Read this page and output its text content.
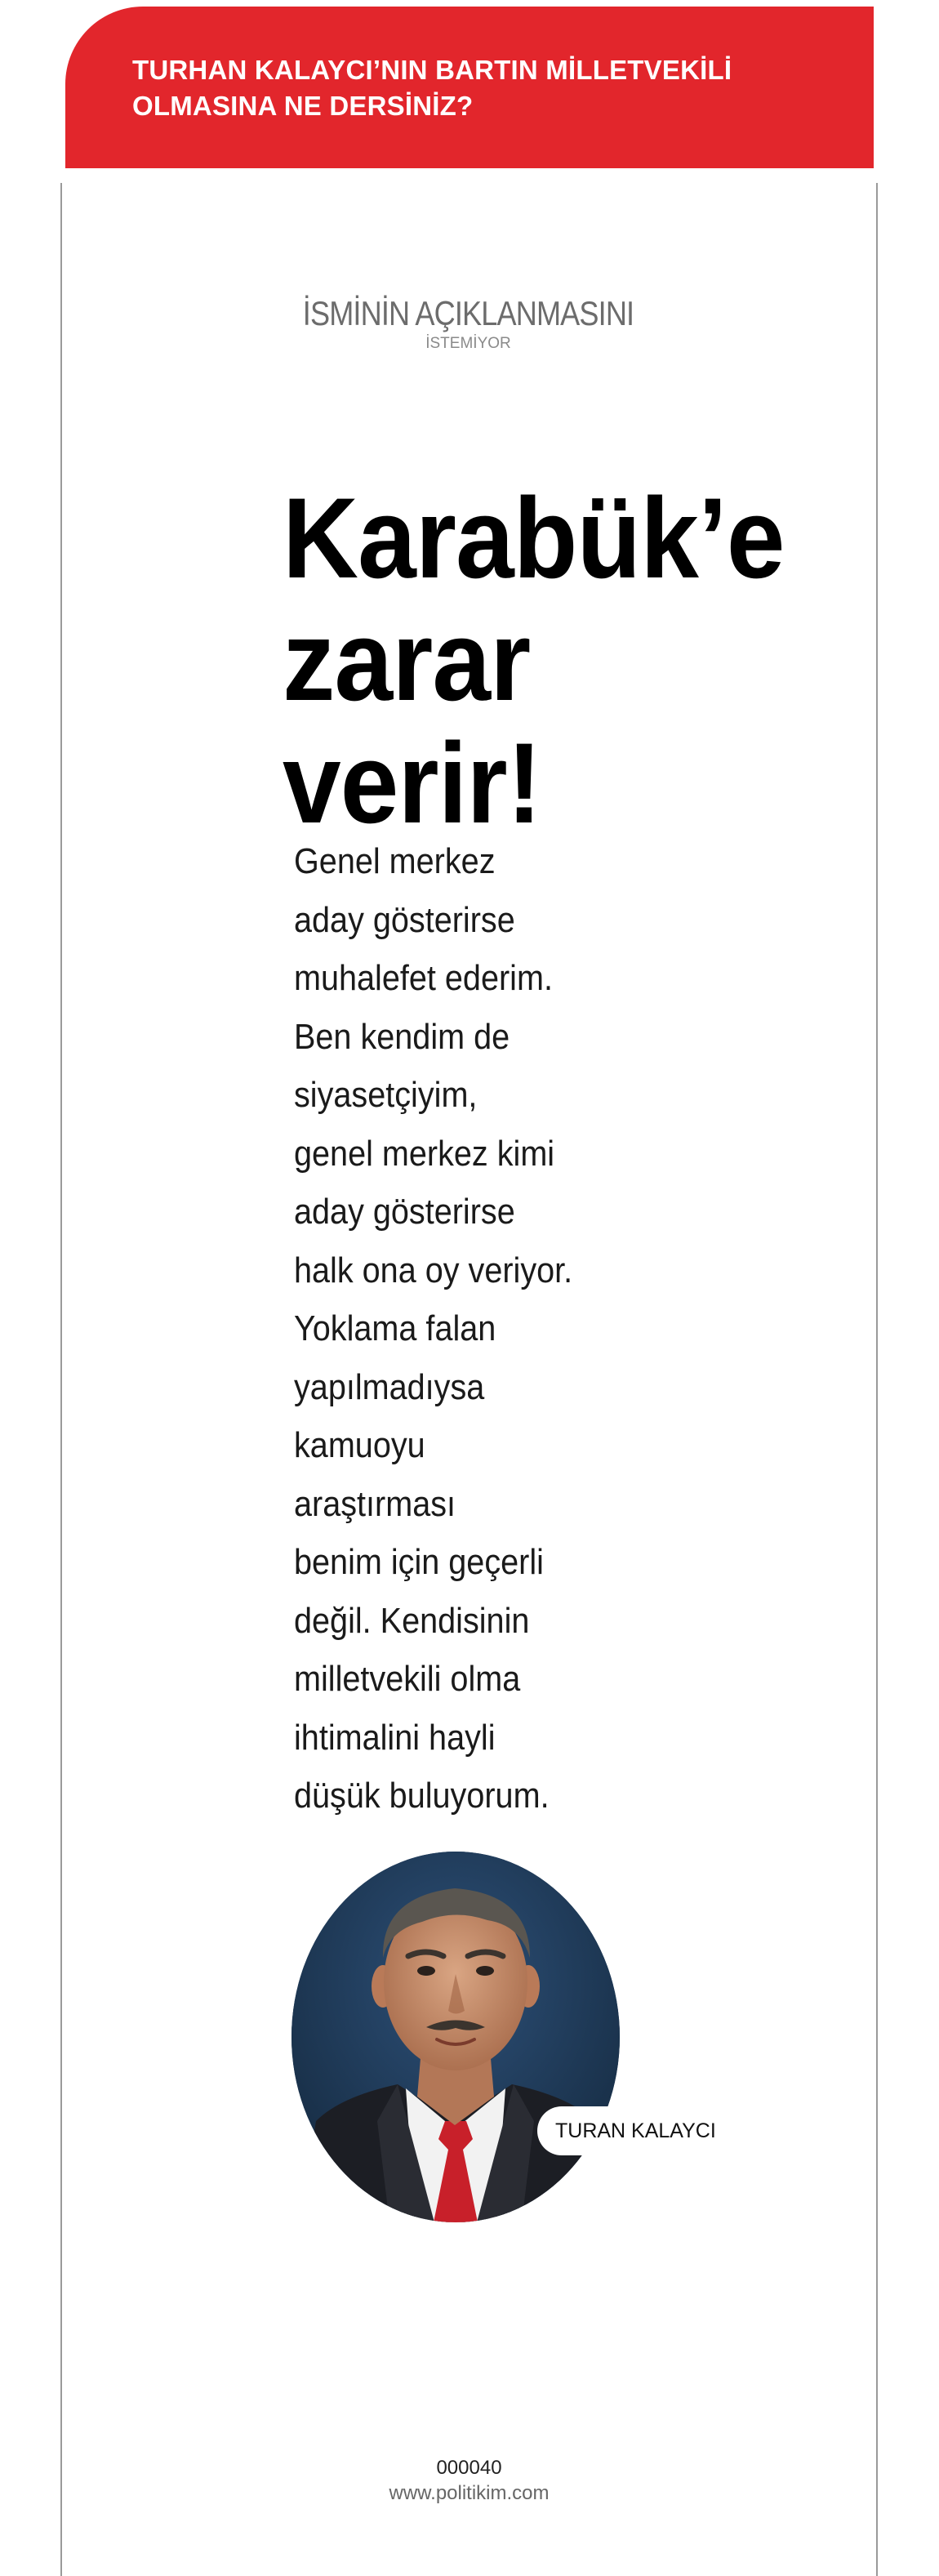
TURHAN KALAYCI’NIN BARTIN MİLLETVEKİLİ
OLMASINA NE DERSİNİZ?
İSMİNİN AÇIKLANMASINI
İSTEMİYOR
Karabük’e
zarar
verir!

Genel merkez
aday gösterirse
muhalefet ederim.
Ben kendim de
siyasetçiyim,
genel merkez kimi
aday gösterirse
halk ona oy veriyor.
Yoklama falan
yapılmadıysa
kamuoyu
araştırması
benim için geçerli
değil. Kendisinin
milletvekili olma
ihtimalini hayli
düşük buluyorum.

TURAN KALAYCI
000040
www.politikim.com
